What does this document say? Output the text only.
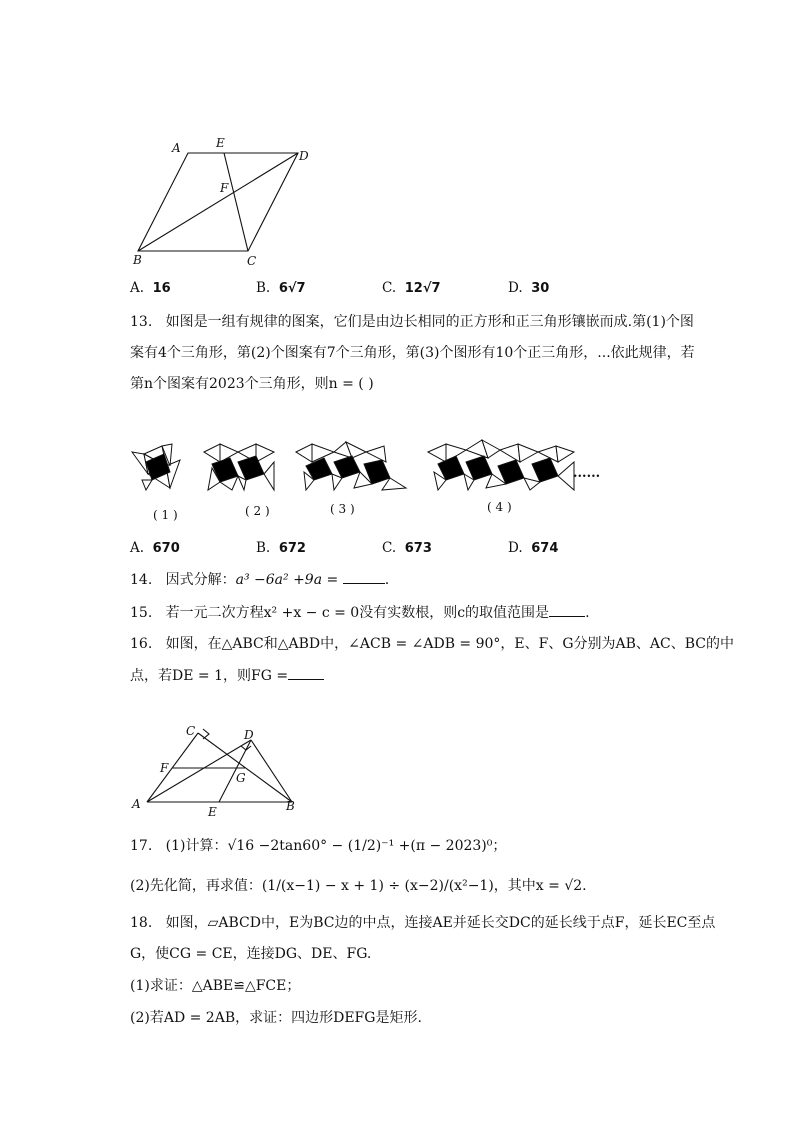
A	E
D
F
B	C
A. 16	B. 6√7	C. 12√7	D. 30
13. 如图是一组有规律的图案，它们是由边长相同的正方形和正三角形镶嵌而成.第(1)个图
案有4个三角形，第(2)个图案有7个三角形，第(3)个图形有10个正三角形，...依此规律，若
第n个图案有2023个三角形，则n = ( )
......
( 1 )	( 2 )	( 3 )	( 4 )
A. 670	B. 672	C. 673	D. 674
14. 因式分解：a³ −6a² +9a =	.
15. 若一元二次方程x² +x − c = 0没有实数根，则c的取值范围是	.
16. 如图，在△ABC和△ABD中，∠ACB = ∠ADB = 90°，E、F、G分别为AB、AC、BC的中
点，若DE = 1，则FG =
C	D
F
G
A
E	B
17. (1)计算：√16 −2tan60° − (1/2)⁻¹ +(π − 2023)⁰；
(2)先化简，再求值：(1/(x−1) − x + 1) ÷ (x−2)/(x²−1)，其中x = √2.
18. 如图，▱ABCD中，E为BC边的中点，连接AE并延长交DC的延长线于点F，延长EC至点
G，使CG = CE，连接DG、DE、FG.
(1)求证：△ABE≌△FCE；
(2)若AD = 2AB，求证：四边形DEFG是矩形.
